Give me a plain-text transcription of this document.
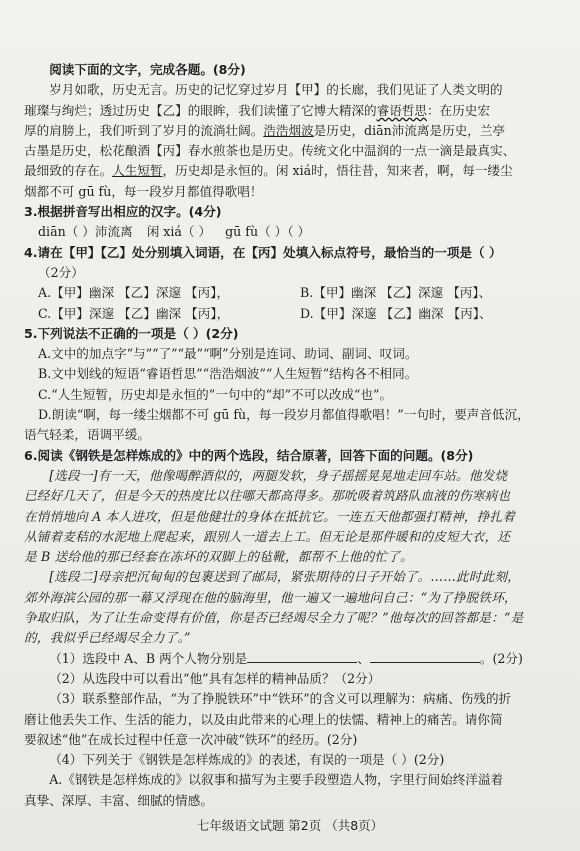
阅读下面的文字，完成各题。(8分)

岁月如歌，历史无言。历史的记忆穿过岁月【甲】的长廊，我们见证了人类文明的

璀璨与绚烂；透过历史【乙】的眼眸，我们读懂了它博大精深的睿语哲思：在历史宏

厚的肩膀上，我们听到了岁月的流淌壮阔。浩浩烟波是历史，diān沛流离是历史，兰亭

古墨是历史，松花酿酒【丙】春水煎茶也是历史。传统文化中温润的一点一滴是最真实、

最细致的存在。人生短暂，历史却是永恒的。闲 xiá时，悟往昔，知来者，啊，每一缕尘

烟都不可 gū fù，每一段岁月都值得歌唱！

3.根据拼音写出相应的汉字。(4分)

diān（ ）沛流离 闲 xiá（ ） gū fù（ ）（ ）

4.请在【甲】【乙】处分别填入词语，在【丙】处填入标点符号，最恰当的一项是（ ）

（2分）

A.【甲】幽深 【乙】深邃 【丙】，	B.【甲】幽深 【乙】深邃 【丙】、

C.【甲】深邃 【乙】幽深 【丙】，	D.【甲】深邃 【乙】幽深 【丙】、

5.下列说法不正确的一项是（ ）(2分)

A.文中的加点字“与”“了”“最”“啊”分别是连词、助词、副词、叹词。

B.文中划线的短语“睿语哲思”“浩浩烟波”“人生短暂”结构各不相同。

C.“人生短暂，历史却是永恒的”一句中的“却”不可以改成“也”。

D.朗读“啊，每一缕尘烟都不可 gū fù，每一段岁月都值得歌唱！”一句时，要声音低沉，

语气轻柔，语调平缓。

6.阅读《钢铁是怎样炼成的》中的两个选段，结合原著，回答下面的问题。(8分)

[选段一]有一天，他像喝醉酒似的，两腿发软，身子摇摇晃晃地走回车站。他发烧

已经好几天了，但是今天的热度比以往哪天都高得多。那吮吸着筑路队血液的伤寒病也

在悄悄地向 A 本人进攻，但是他健壮的身体在抵抗它。一连五天他都强打精神，挣扎着

从铺着麦秸的水泥地上爬起来，跟别人一道去上工。但无论是那件暖和的皮短大衣，还

是 B 送给他的那已经套在冻坏的双脚上的毡靴，都帮不上他的忙了。

[选段二]母亲把沉甸甸的包裹送到了邮局，紧张期待的日子开始了。……此时此刻，

郊外海滨公园的那一幕又浮现在他的脑海里，他一遍又一遍地问自己：“为了挣脱铁环，

争取归队，为了让生命变得有价值，你是否已经竭尽全力了呢？”他每次的回答都是：“是

的，我似乎已经竭尽全力了。”

（1）选段中 A、B 两个人物分别是	、	。(2分)

（2）从选段中可以看出“他”具有怎样的精神品质？（2分）

（3）联系整部作品，“为了挣脱铁环”中“铁环”的含义可以理解为：病痛、伤残的折

磨让他丢失工作、生活的能力，以及由此带来的心理上的怯懦、精神上的痛苦。请你简

要叙述“他”在成长过程中任意一次冲破“铁环”的经历。(2分)

（4）下列关于《钢铁是怎样炼成的》的表述，有误的一项是（ ）(2分)

A.《钢铁是怎样炼成的》以叙事和描写为主要手段塑造人物，字里行间始终洋溢着

真挚、深厚、丰富、细腻的情感。

七年级语文试题 第2页 （共8页）
